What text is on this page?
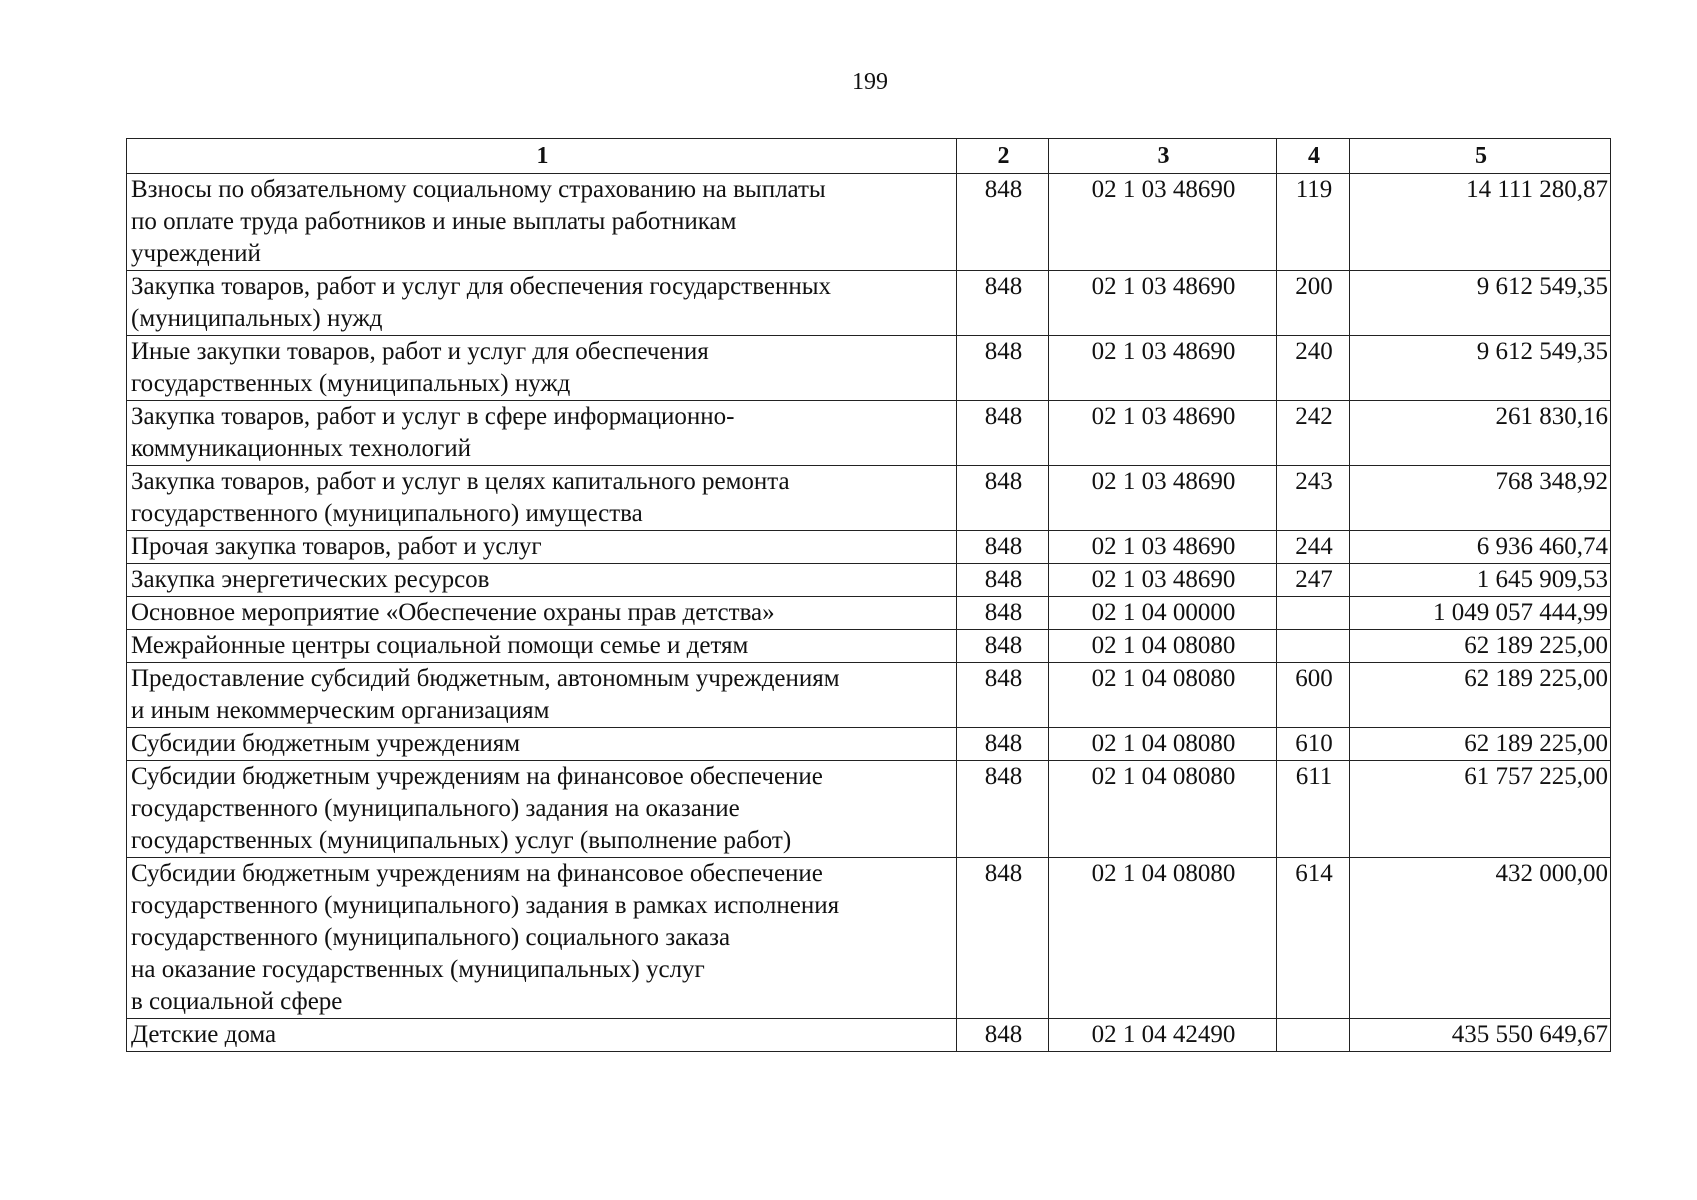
199
1	2	3	4	5
Взносы по обязательному социальному страхованию на выплаты
по оплате труда работников и иные выплаты работникам
учреждений	848	02 1 03 48690	119	14 111 280,87
Закупка товаров, работ и услуг для обеспечения государственных
(муниципальных) нужд	848	02 1 03 48690	200	9 612 549,35
Иные закупки товаров, работ и услуг для обеспечения
государственных (муниципальных) нужд	848	02 1 03 48690	240	9 612 549,35
Закупка товаров, работ и услуг в сфере информационно-
коммуникационных технологий	848	02 1 03 48690	242	261 830,16
Закупка товаров, работ и услуг в целях капитального ремонта
государственного (муниципального) имущества	848	02 1 03 48690	243	768 348,92
Прочая закупка товаров, работ и услуг	848	02 1 03 48690	244	6 936 460,74
Закупка энергетических ресурсов	848	02 1 03 48690	247	1 645 909,53
Основное мероприятие «Обеспечение охраны прав детства»	848	02 1 04 00000		1 049 057 444,99
Межрайонные центры социальной помощи семье и детям	848	02 1 04 08080		62 189 225,00
Предоставление субсидий бюджетным, автономным учреждениям
и иным некоммерческим организациям	848	02 1 04 08080	600	62 189 225,00
Субсидии бюджетным учреждениям	848	02 1 04 08080	610	62 189 225,00
Субсидии бюджетным учреждениям на финансовое обеспечение
государственного (муниципального) задания на оказание
государственных (муниципальных) услуг (выполнение работ)	848	02 1 04 08080	611	61 757 225,00
Субсидии бюджетным учреждениям на финансовое обеспечение
государственного (муниципального) задания в рамках исполнения
государственного (муниципального) социального заказа
на оказание государственных (муниципальных) услуг
в социальной сфере	848	02 1 04 08080	614	432 000,00
Детские дома	848	02 1 04 42490		435 550 649,67
